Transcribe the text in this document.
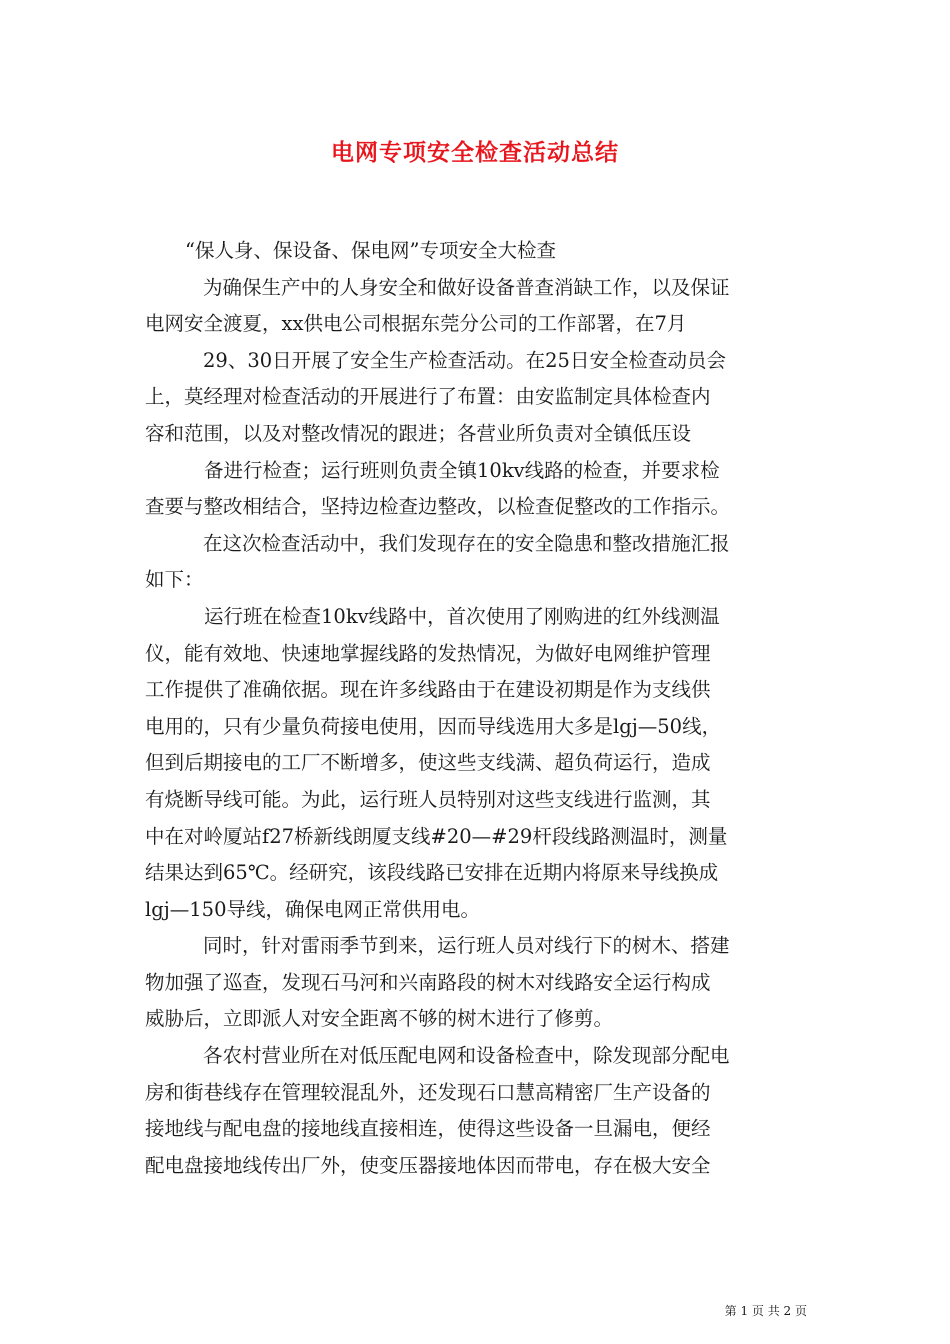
电网专项安全检查活动总结
“保人身、保设备、保电网”专项安全大检查
为确保生产中的人身安全和做好设备普查消缺工作，以及保证
电网安全渡夏，xx供电公司根据东莞分公司的工作部署，在7月
29、30日开展了安全生产检查活动。在25日安全检查动员会
上，莫经理对检查活动的开展进行了布置：由安监制定具体检查内
容和范围，以及对整改情况的跟进；各营业所负责对全镇低压设
备进行检查；运行班则负责全镇10kv线路的检查，并要求检
查要与整改相结合，坚持边检查边整改，以检查促整改的工作指示。
在这次检查活动中，我们发现存在的安全隐患和整改措施汇报
如下：
运行班在检查10kv线路中，首次使用了刚购进的红外线测温
仪，能有效地、快速地掌握线路的发热情况，为做好电网维护管理
工作提供了准确依据。现在许多线路由于在建设初期是作为支线供
电用的，只有少量负荷接电使用，因而导线选用大多是lgj—50线，
但到后期接电的工厂不断增多，使这些支线满、超负荷运行，造成
有烧断导线可能。为此，运行班人员特别对这些支线进行监测，其
中在对岭厦站f27桥新线朗厦支线#20—#29杆段线路测温时，测量
结果达到65℃。经研究，该段线路已安排在近期内将原来导线换成
lgj—150导线，确保电网正常供用电。
同时，针对雷雨季节到来，运行班人员对线行下的树木、搭建
物加强了巡查，发现石马河和兴南路段的树木对线路安全运行构成
威胁后，立即派人对安全距离不够的树木进行了修剪。
各农村营业所在对低压配电网和设备检查中，除发现部分配电
房和街巷线存在管理较混乱外，还发现石口慧高精密厂生产设备的
接地线与配电盘的接地线直接相连，使得这些设备一旦漏电，便经
配电盘接地线传出厂外，使变压器接地体因而带电，存在极大安全
第 1 页 共 2 页
